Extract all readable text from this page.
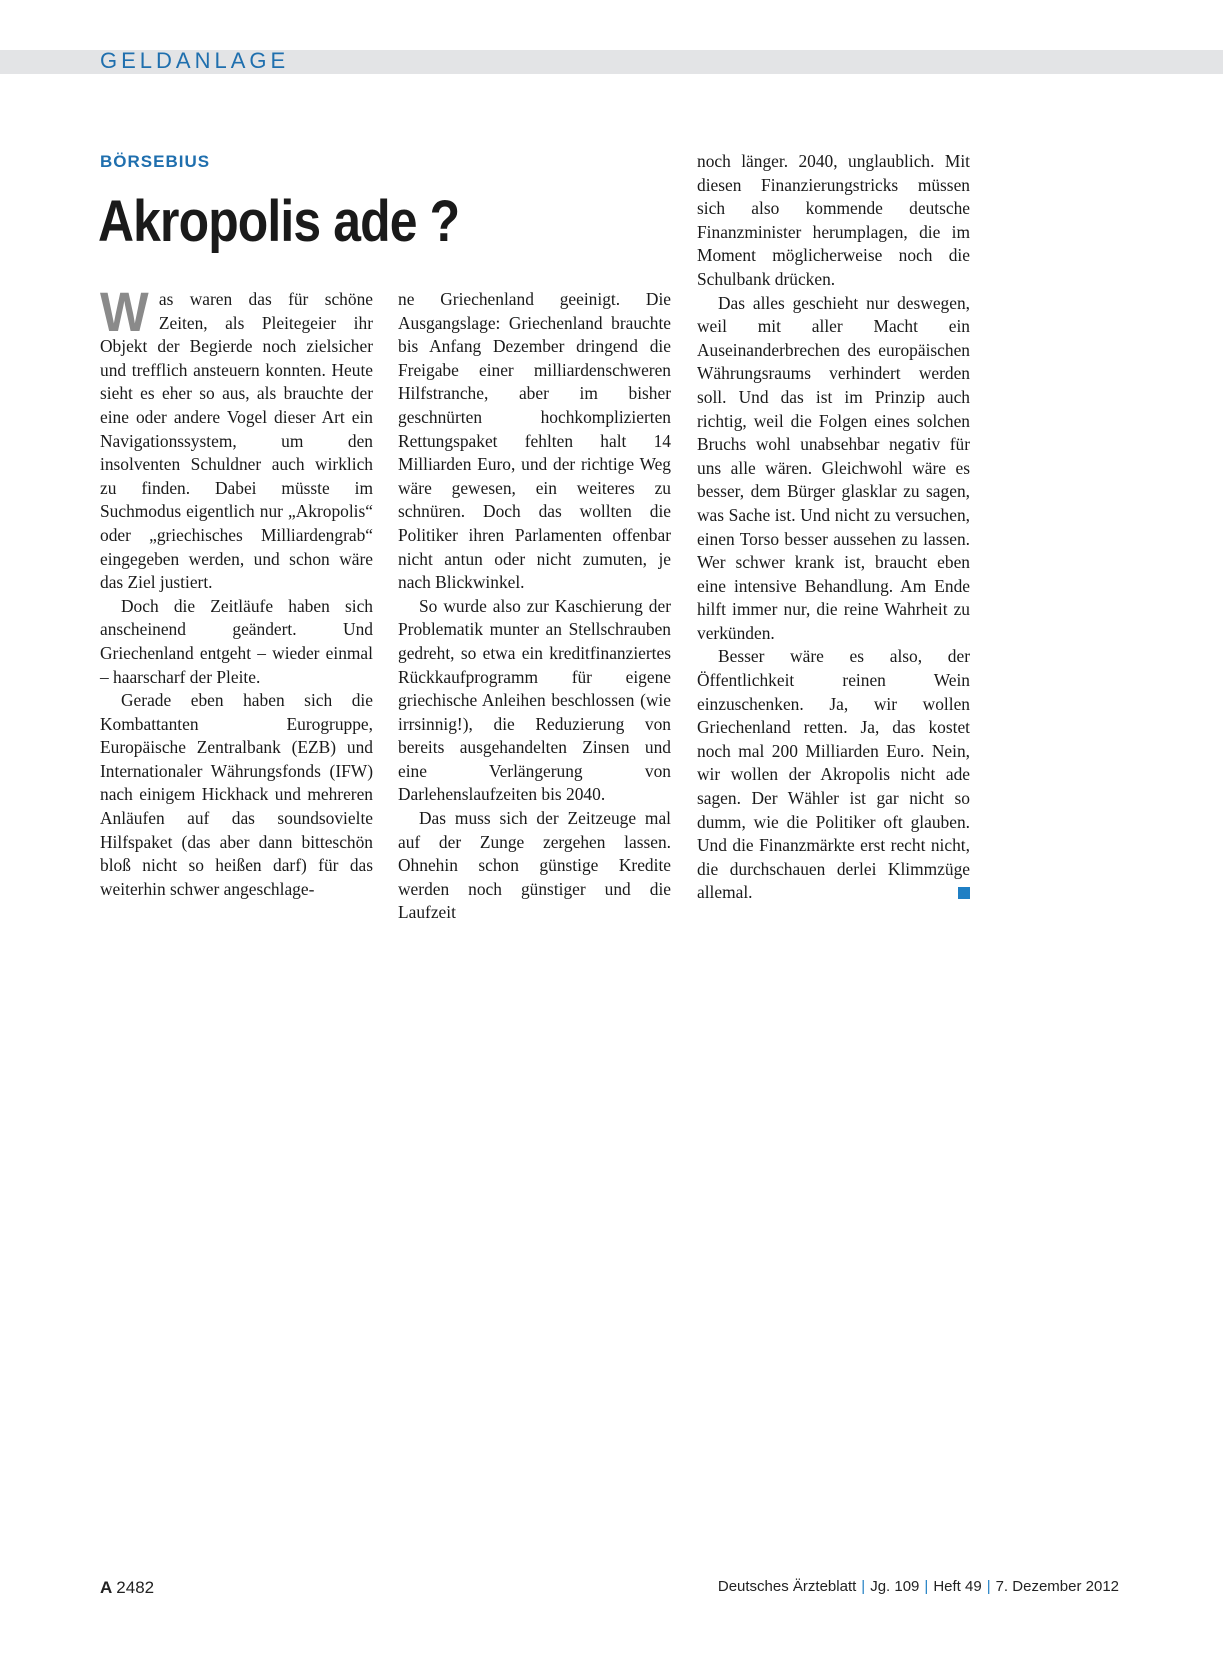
GELDANLAGE
BÖRSEBIUS
Akropolis ade ?

Was waren das für schöne Zeiten, als Pleitegeier ihr Objekt der Begierde noch zielsicher und trefflich ansteuern konnten. Heute sieht es eher so aus, als brauchte der eine oder andere Vogel dieser Art ein Navigationssystem, um den insolventen Schuldner auch wirklich zu finden. Dabei müsste im Suchmodus eigentlich nur „Akropolis“ oder „griechisches Milliardengrab“ eingegeben werden, und schon wäre das Ziel justiert.

Doch die Zeitläufe haben sich anscheinend geändert. Und Griechenland entgeht – wieder einmal – haarscharf der Pleite.

Gerade eben haben sich die Kombattanten Eurogruppe, Europäische Zentralbank (EZB) und Internationaler Währungsfonds (IFW) nach einigem Hickhack und mehreren Anläufen auf das soundsovielte Hilfspaket (das aber dann bitteschön bloß nicht so heißen darf) für das weiterhin schwer angeschlage-

ne Griechenland geeinigt. Die Ausgangslage: Griechenland brauchte bis Anfang Dezember dringend die Freigabe einer milliardenschweren Hilfstranche, aber im bisher geschnürten hochkomplizierten Rettungspaket fehlten halt 14 Milliarden Euro, und der richtige Weg wäre gewesen, ein weiteres zu schnüren. Doch das wollten die Politiker ihren Parlamenten offenbar nicht antun oder nicht zumuten, je nach Blickwinkel.

So wurde also zur Kaschierung der Problematik munter an Stellschrauben gedreht, so etwa ein kreditfinanziertes Rückkaufprogramm für eigene griechische Anleihen beschlossen (wie irrsinnig!), die Reduzierung von bereits ausgehandelten Zinsen und eine Verlängerung von Darlehenslaufzeiten bis 2040.

Das muss sich der Zeitzeuge mal auf der Zunge zergehen lassen. Ohnehin schon günstige Kredite werden noch günstiger und die Laufzeit

noch länger. 2040, unglaublich. Mit diesen Finanzierungstricks müssen sich also kommende deutsche Finanzminister herumplagen, die im Moment möglicherweise noch die Schulbank drücken.

Das alles geschieht nur deswegen, weil mit aller Macht ein Auseinanderbrechen des europäischen Währungsraums verhindert werden soll. Und das ist im Prinzip auch richtig, weil die Folgen eines solchen Bruchs wohl unabsehbar negativ für uns alle wären. Gleichwohl wäre es besser, dem Bürger glasklar zu sagen, was Sache ist. Und nicht zu versuchen, einen Torso besser aussehen zu lassen. Wer schwer krank ist, braucht eben eine intensive Behandlung. Am Ende hilft immer nur, die reine Wahrheit zu verkünden.

Besser wäre es also, der Öffentlichkeit reinen Wein einzuschenken. Ja, wir wollen Griechenland retten. Ja, das kostet noch mal 200 Milliarden Euro. Nein, wir wollen der Akropolis nicht ade sagen. Der Wähler ist gar nicht so dumm, wie die Politiker oft glauben. Und die Finanzmärkte erst recht nicht, die durchschauen derlei Klimmzüge allemal.

A 2482	Deutsches Ärzteblatt | Jg. 109 | Heft 49 | 7. Dezember 2012
